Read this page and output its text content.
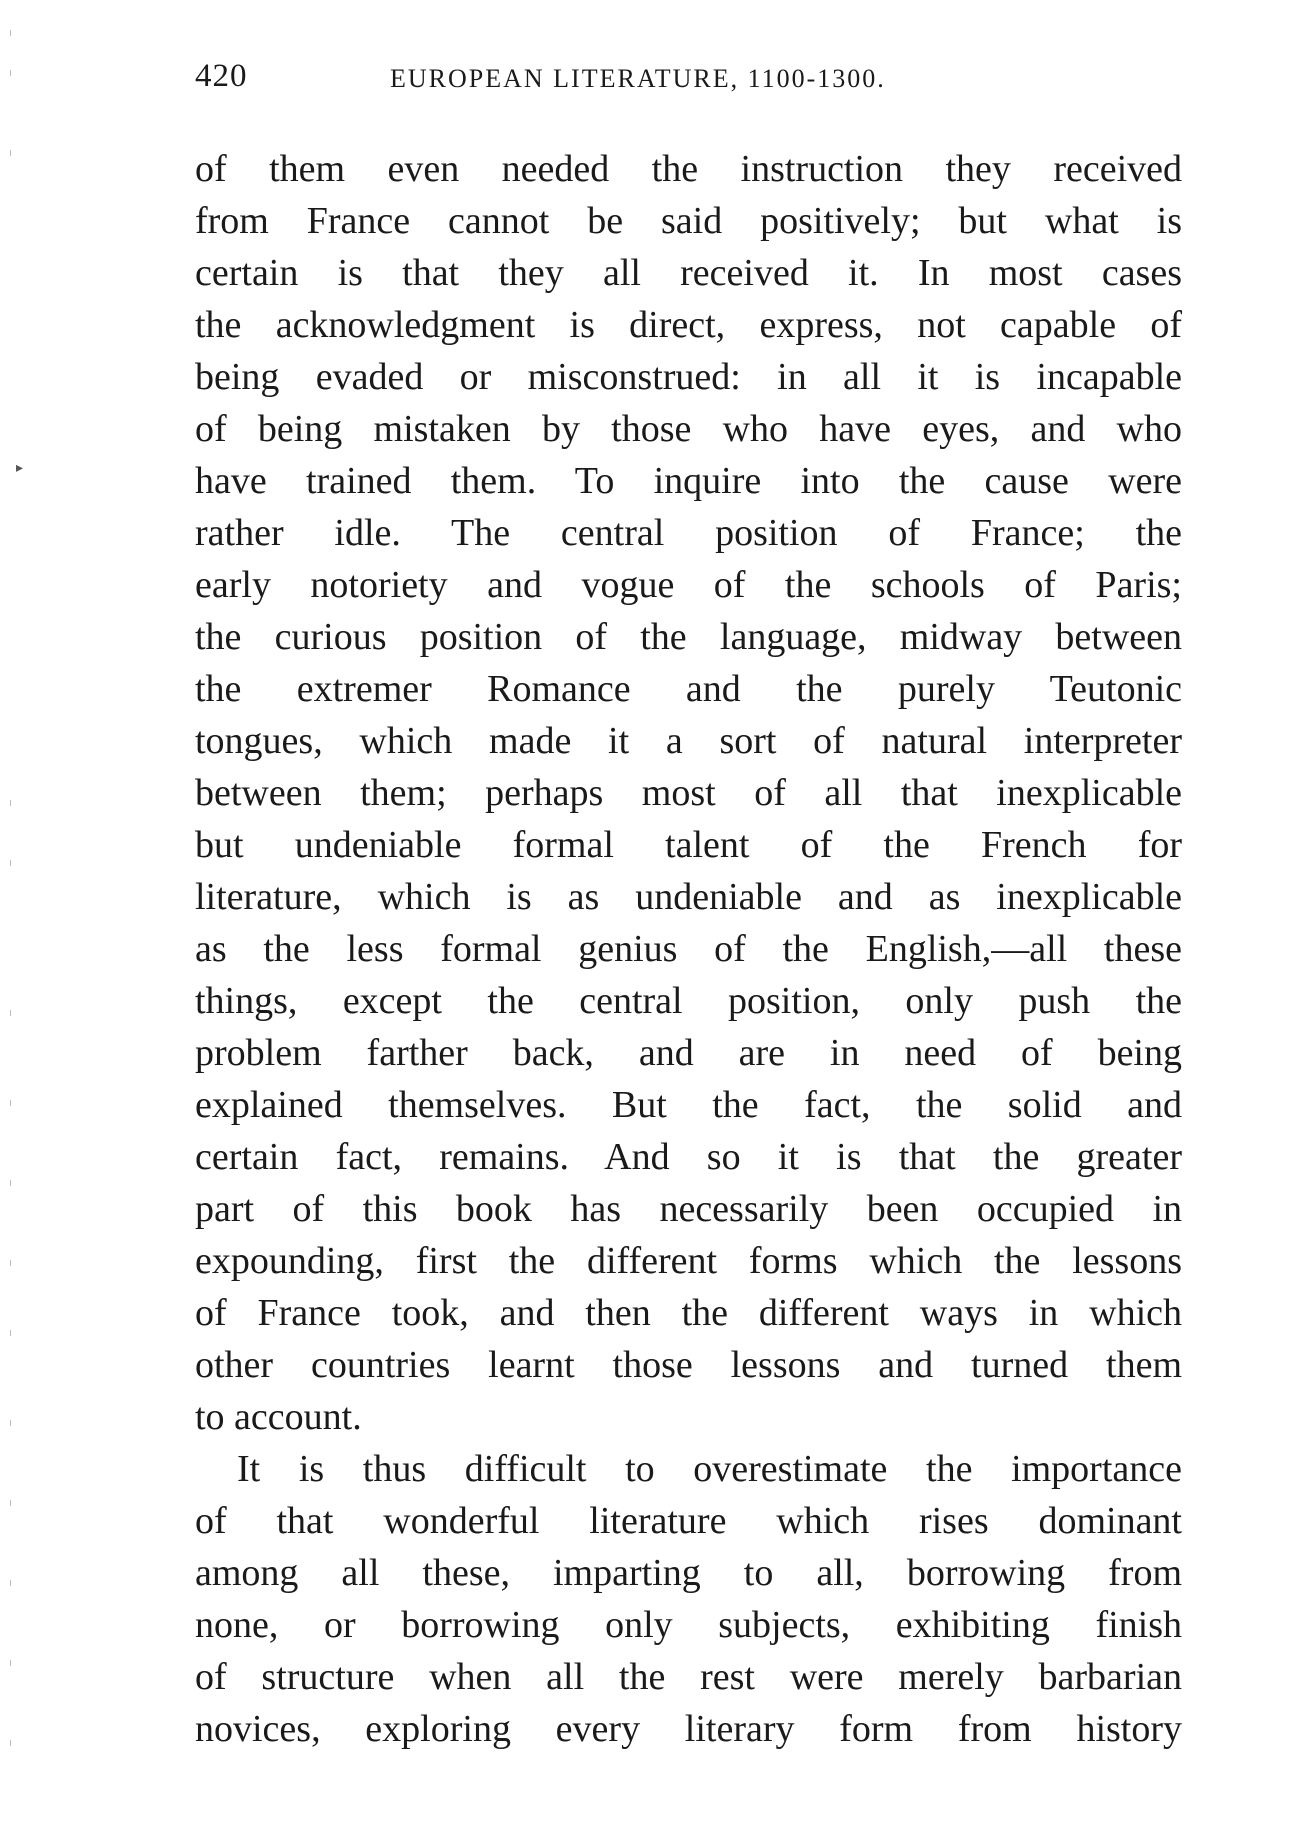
▸
420	EUROPEAN LITERATURE, 1100-1300.
of them even needed the instruction they received
from France cannot be said positively; but what is
certain is that they all received it. In most cases
the acknowledgment is direct, express, not capable of
being evaded or misconstrued: in all it is incapable
of being mistaken by those who have eyes, and who
have trained them. To inquire into the cause were
rather idle. The central position of France; the
early notoriety and vogue of the schools of Paris;
the curious position of the language, midway between
the extremer Romance and the purely Teutonic
tongues, which made it a sort of natural interpreter
between them; perhaps most of all that inexplicable
but undeniable formal talent of the French for
literature, which is as undeniable and as inexplicable
as the less formal genius of the English,—all these
things, except the central position, only push the
problem farther back, and are in need of being
explained themselves. But the fact, the solid and
certain fact, remains. And so it is that the greater
part of this book has necessarily been occupied in
expounding, first the different forms which the lessons
of France took, and then the different ways in which
other countries learnt those lessons and turned them
to account.
It is thus difficult to overestimate the importance
of that wonderful literature which rises dominant
among all these, imparting to all, borrowing from
none, or borrowing only subjects, exhibiting finish
of structure when all the rest were merely barbarian
novices, exploring every literary form from history
